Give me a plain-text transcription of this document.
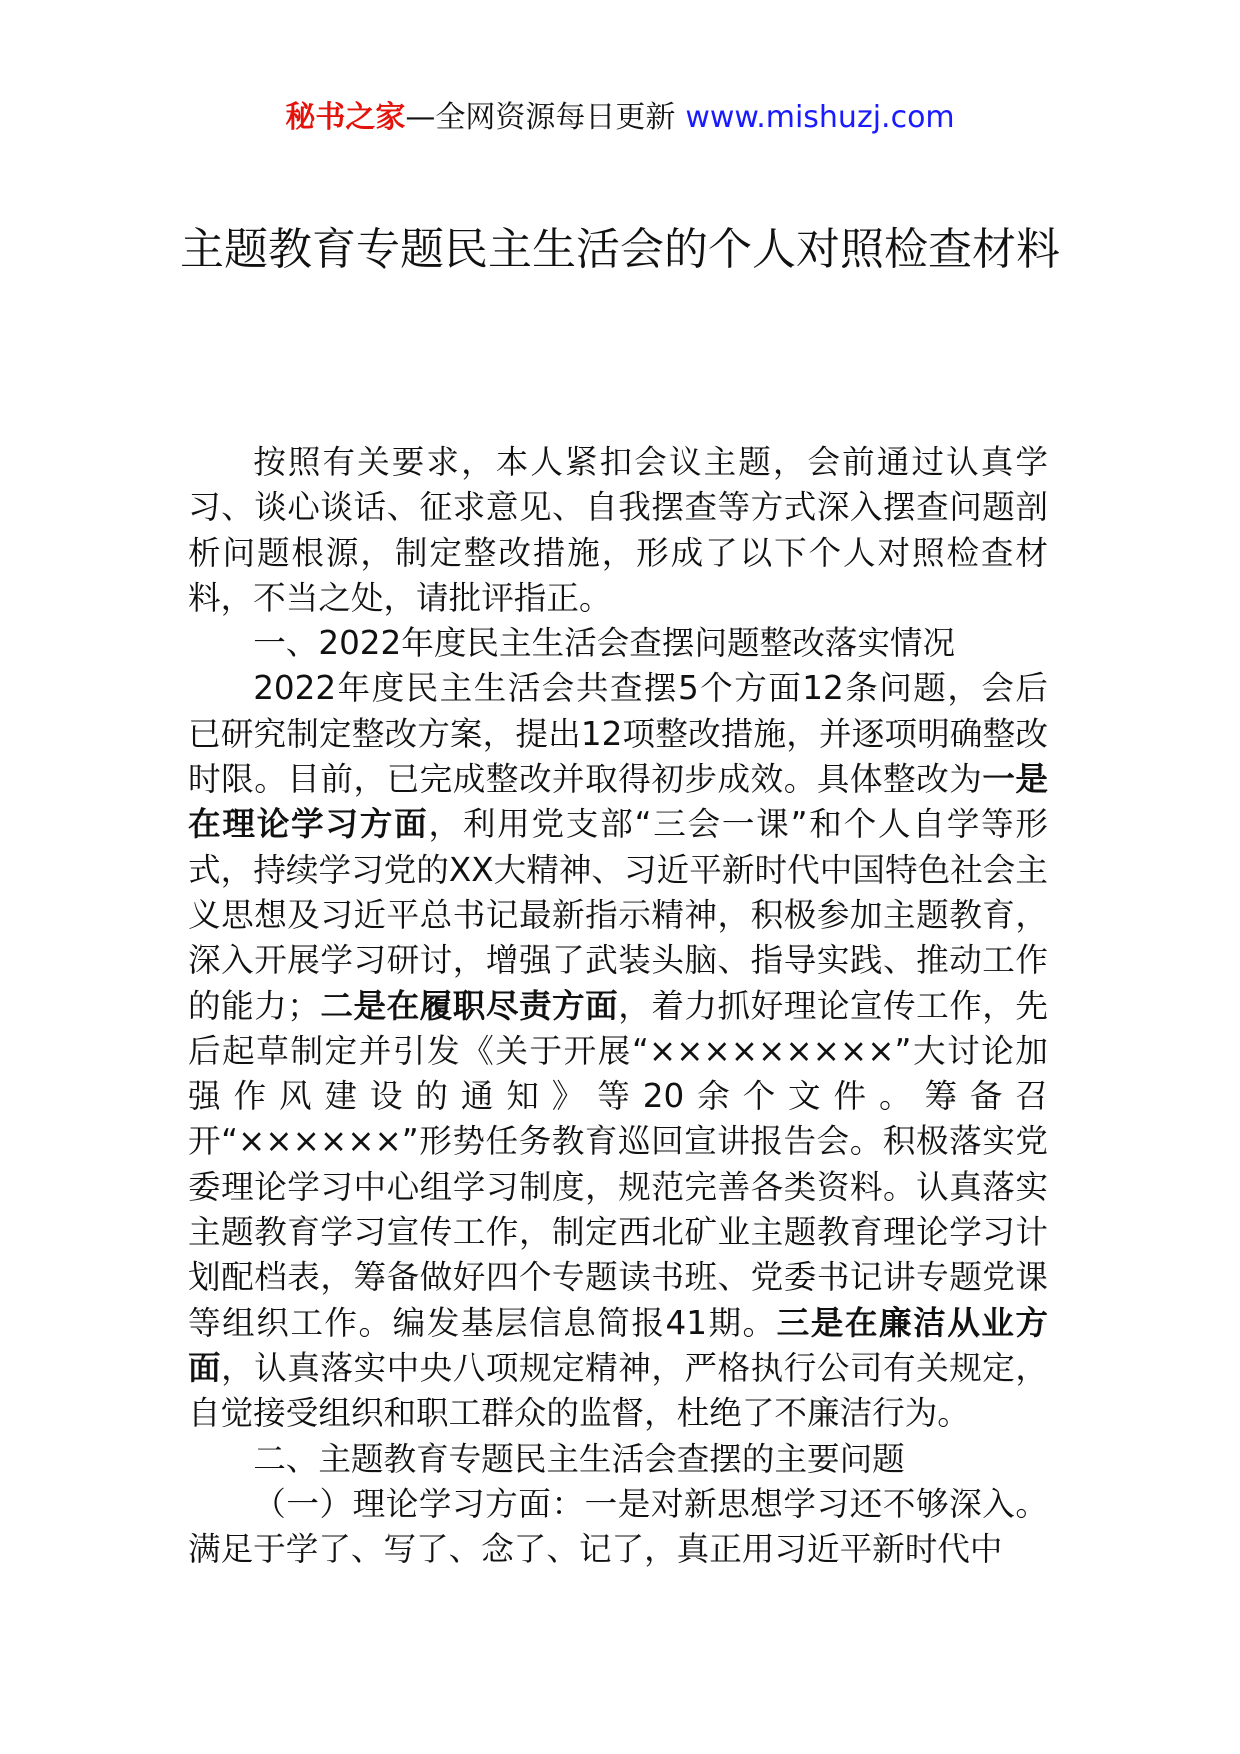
秘书之家—全网资源每日更新 www.mishuzj.com
主题教育专题民主生活会的个人对照检查材料

按照有关要求，本人紧扣会议主题，会前通过认真学习、谈心谈话、征求意见、自我摆查等方式深入摆查问题剖析问题根源，制定整改措施，形成了以下个人对照检查材料，不当之处，请批评指正。

一、2022年度民主生活会查摆问题整改落实情况

2022年度民主生活会共查摆5个方面12条问题，会后已研究制定整改方案，提出12项整改措施，并逐项明确整改时限。目前，已完成整改并取得初步成效。具体整改为一是在理论学习方面，利用党支部“三会一课”和个人自学等形式，持续学习党的XX大精神、习近平新时代中国特色社会主义思想及习近平总书记最新指示精神，积极参加主题教育，深入开展学习研讨，增强了武装头脑、指导实践、推动工作的能力；二是在履职尽责方面，着力抓好理论宣传工作，先后起草制定并引发《关于开展“×××××××××”大讨论加强作风建设的通知》等20余个文件。筹备召开“××××××”形势任务教育巡回宣讲报告会。积极落实党委理论学习中心组学习制度，规范完善各类资料。认真落实主题教育学习宣传工作，制定西北矿业主题教育理论学习计划配档表，筹备做好四个专题读书班、党委书记讲专题党课等组织工作。编发基层信息简报41期。三是在廉洁从业方面，认真落实中央八项规定精神，严格执行公司有关规定，自觉接受组织和职工群众的监督，杜绝了不廉洁行为。

二、主题教育专题民主生活会查摆的主要问题

（一）理论学习方面：一是对新思想学习还不够深入。满足于学了、写了、念了、记了，真正用习近平新时代中
